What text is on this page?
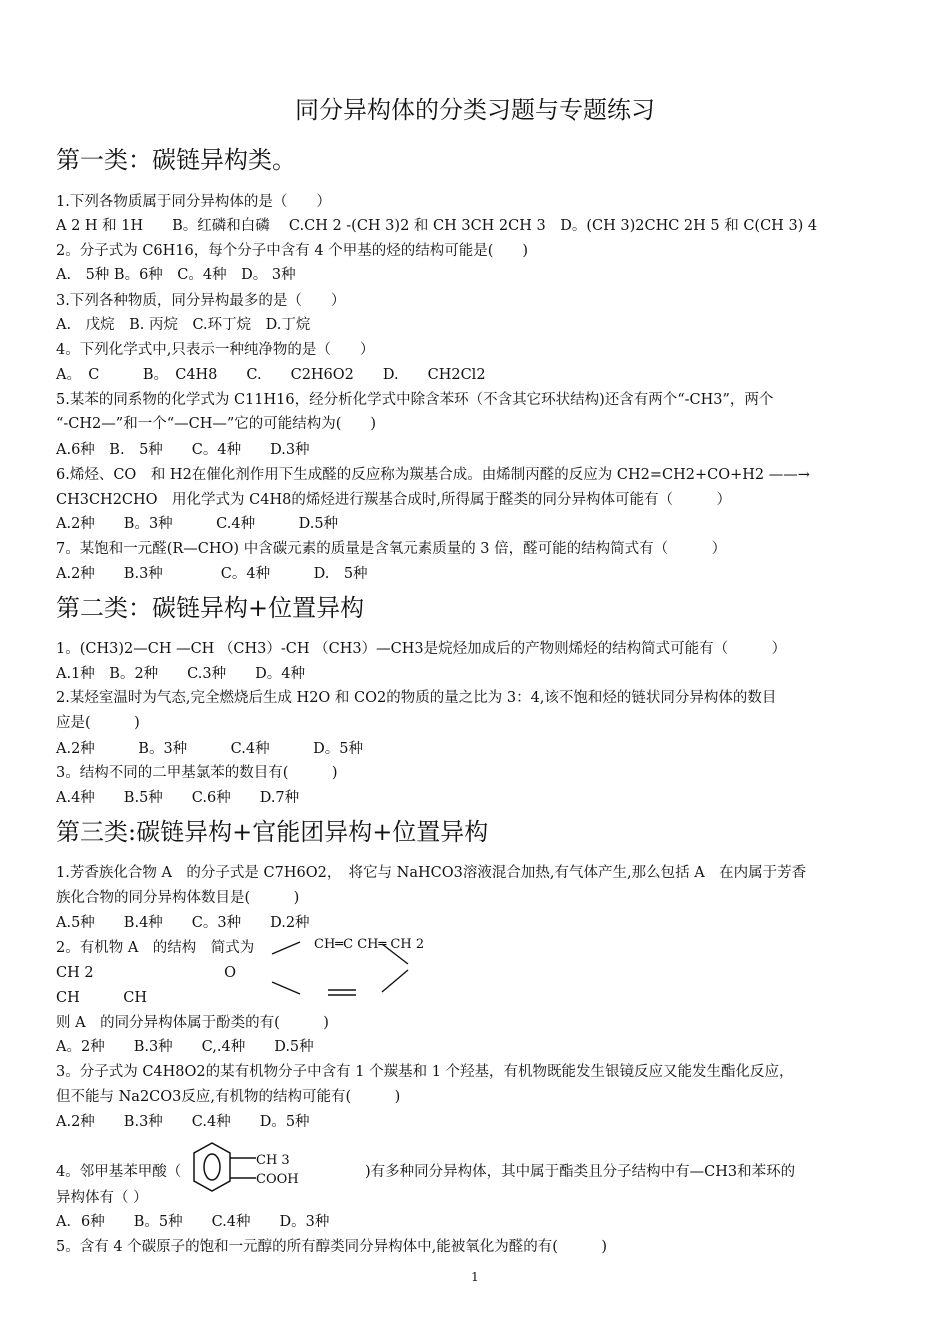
同分异构体的分类习题与专题练习
第一类：碳链异构类。
1.下列各物质属于同分异构体的是（　　）
A 2 H 和 1H　　B。红磷和白磷　 C.CH 2 -(CH 3)2 和 CH 3CH 2CH 3　D。(CH 3)2CHC 2H 5 和 C(CH 3) 4
2。分子式为 C6H16，每个分子中含有 4 个甲基的烃的结构可能是(　　)
A.　5种 B。6种　C。4种　D。 3种
3.下列各种物质，同分异构最多的是（　　）
A.　戊烷　B. 丙烷　C.环丁烷　D.丁烷
4。下列化学式中,只表示一种纯净物的是（　　）
A。　C　　　B。　C4H8　　C.　　C2H6O2　　D.　　CH2Cl2
5.某苯的同系物的化学式为 C11H16，经分析化学式中除含苯环（不含其它环状结构)还含有两个“-CH3”，两个
“-CH2—”和一个“—CH—”它的可能结构为(　　)
A.6种　B.　5种　　C。4种　　D.3种
6.烯烃、CO　和 H2在催化剂作用下生成醛的反应称为羰基合成。由烯制丙醛的反应为 CH2=CH2+CO+H2 ——→
CH3CH2CHO　用化学式为 C4H8的烯烃进行羰基合成时,所得属于醛类的同分异构体可能有（　　　）
A.2种　　B。3种　　　C.4种　　　D.5种
7。某饱和一元醛(R—CHO) 中含碳元素的质量是含氧元素质量的 3 倍，醛可能的结构简式有（　　　）
A.2种　　B.3种　　　　C。4种　　　D.　5种
第二类：碳链异构+位置异构
1。(CH3)2—CH —CH （CH3）-CH （CH3）—CH3是烷烃加成后的产物则烯烃的结构简式可能有（　　　）
A.1种　B。2种　　C.3种　　D。4种
2.某烃室温时为气态,完全燃烧后生成 H2O 和 CO2的物质的量之比为 3：4,该不饱和烃的链状同分异构体的数目
应是(　　　)
A.2种　　　B。3种　　　C.4种　　　D。5种
3。结构不同的二甲基氯苯的数目有(　　　)
A.4种　　B.5种　　C.6种　　D.7种
第三类:碳链异构+官能团异构+位置异构
1.芳香族化合物 A　的分子式是 C7H6O2，　将它与 NaHCO3溶液混合加热,有气体产生,那么包括 A　在内属于芳香
族化合物的同分异构体数目是(　　　)
A.5种　　B.4种　　C。3种　　D.2种
2。有机物 A　的结构　简式为	CH═C CH═ CH 2
CH 2　　　　　　　　　O
CH　　　CH
则 A　的同分异构体属于酚类的有(　　　)
A。2种　　B.3种　　C,.4种　　D.5种
3。分子式为 C4H8O2的某有机物分子中含有 1 个羰基和 1 个羟基，有机物既能发生银镜反应又能发生酯化反应，
但不能与 Na2CO3反应,有机物的结构可能有(　　　)
A.2种　　B.3种　　C.4种　　D。5种
4。邻甲基苯甲酸（
CH 3
COOH	)有多种同分异构体，其中属于酯类且分子结构中有—CH3和苯环的
异构体有（ ）
A．6种　　B。5种　　C.4种　　D。3种
5。含有 4 个碳原子的饱和一元醇的所有醇类同分异构体中,能被氧化为醛的有(　　　)
1
